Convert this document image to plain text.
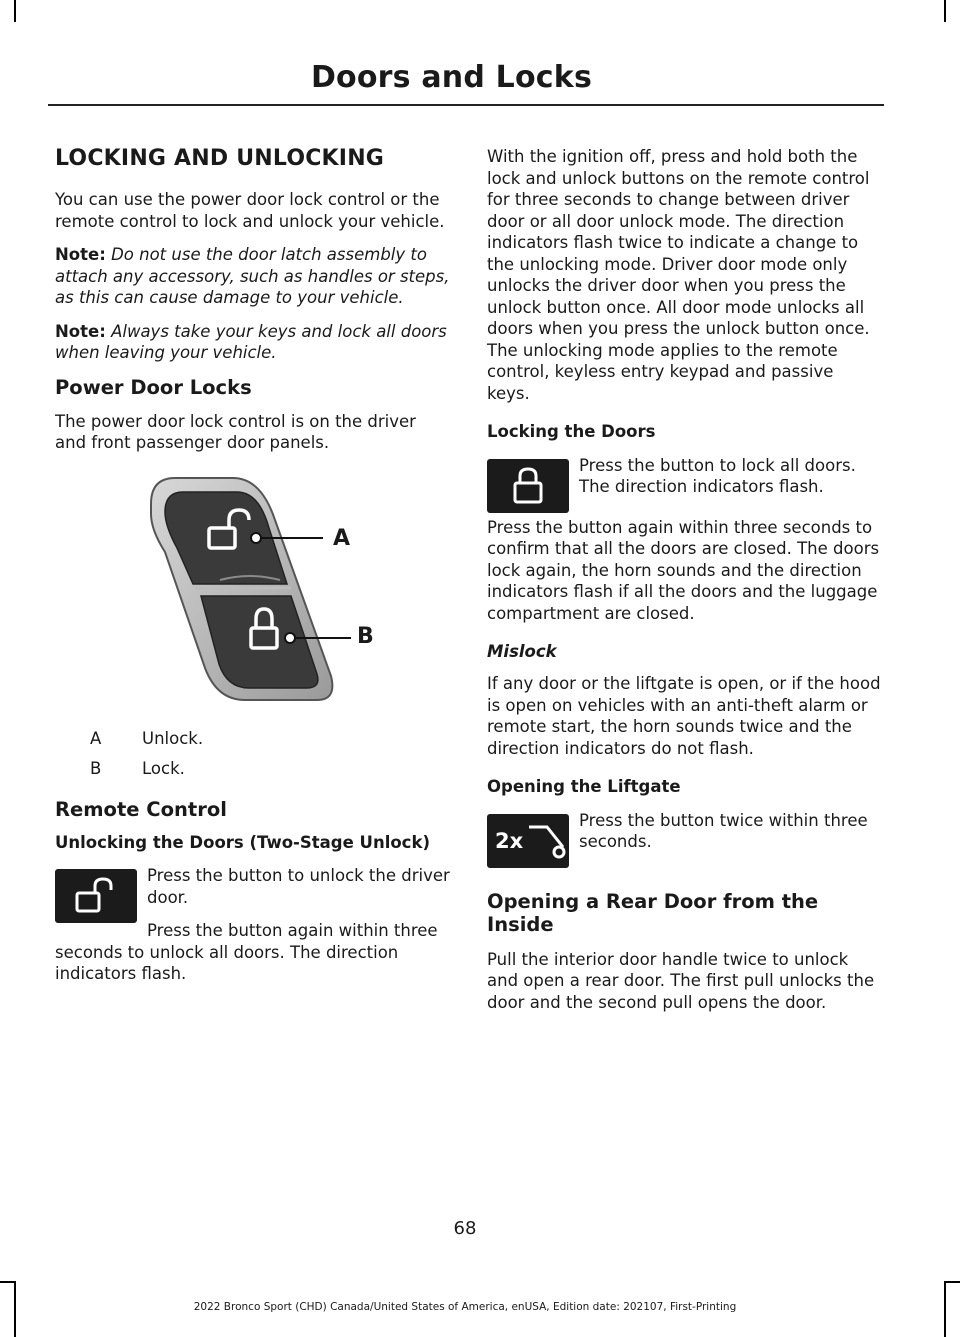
Doors and Locks
LOCKING AND UNLOCKING

You can use the power door lock control or the remote control to lock and unlock your vehicle.

Note: Do not use the door latch assembly to attach any accessory, such as handles or steps, as this can cause damage to your vehicle.

Note: Always take your keys and lock all doors when leaving your vehicle.

Power Door Locks

The power door lock control is on the driver and front passenger door panels.

A
B
A	Unlock.
B	Lock.
Remote Control
Unlocking the Doors (Two-Stage Unlock)

Press the button to unlock the driver door.

Press the button again within three seconds to unlock all doors. The direction indicators flash.

With the ignition off, press and hold both the lock and unlock buttons on the remote control for three seconds to change between driver door or all door unlock mode. The direction indicators flash twice to indicate a change to the unlocking mode. Driver door mode only unlocks the driver door when you press the unlock button once. All door mode unlocks all doors when you press the unlock button once. The unlocking mode applies to the remote control, keyless entry keypad and passive keys.

Locking the Doors

Press the button to lock all doors. The direction indicators flash.

Press the button again within three seconds to confirm that all the doors are closed. The doors lock again, the horn sounds and the direction indicators flash if all the doors and the luggage compartment are closed.

Mislock

If any door or the liftgate is open, or if the hood is open on vehicles with an anti-theft alarm or remote start, the horn sounds twice and the direction indicators do not flash.

Opening the Liftgate
2x

Press the button twice within three seconds.

Opening a Rear Door from the Inside

Pull the interior door handle twice to unlock and open a rear door. The first pull unlocks the door and the second pull opens the door.

68
2022 Bronco Sport (CHD) Canada/United States of America, enUSA, Edition date: 202107, First-Printing
